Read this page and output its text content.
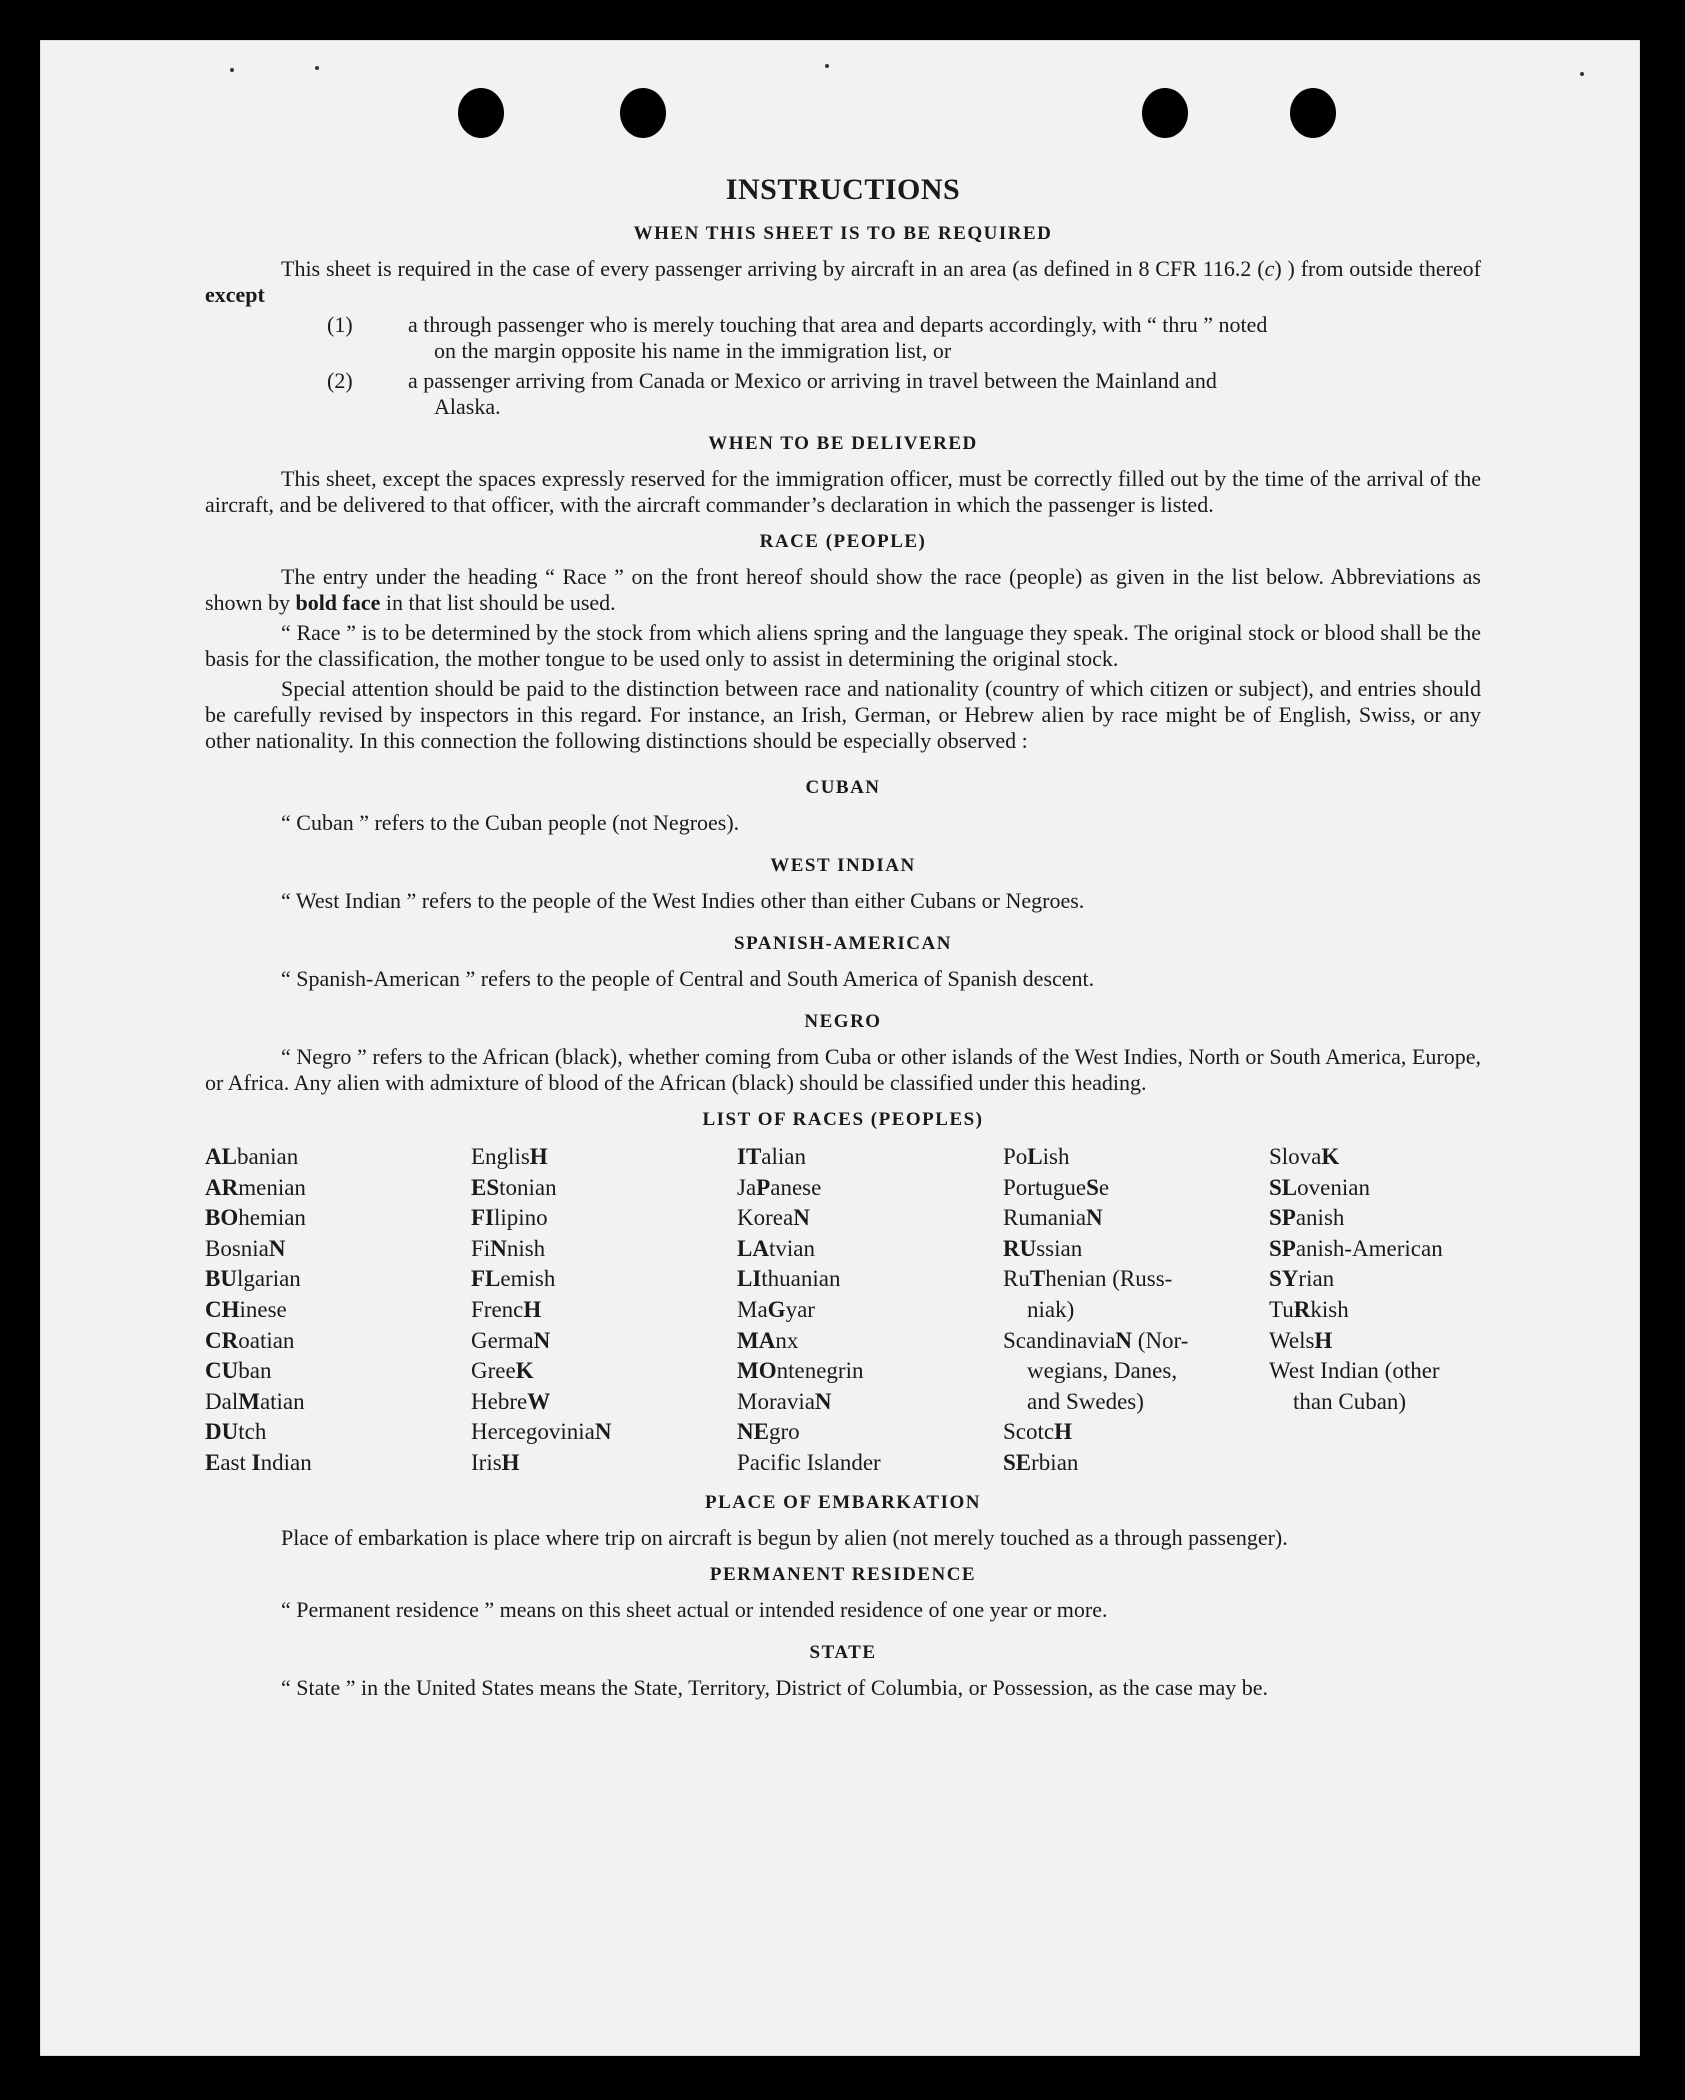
INSTRUCTIONS
WHEN THIS SHEET IS TO BE REQUIRED
This sheet is required in the case of every passenger arriving by aircraft in an area (as defined in 8 CFR 116.2 (c) ) from outside thereof except
(1)	a through passenger who is merely touching that area and departs accordingly, with “ thru ” noted
on the margin opposite his name in the immigration list, or
(2)	a passenger arriving from Canada or Mexico or arriving in travel between the Mainland and
Alaska.
WHEN TO BE DELIVERED
This sheet, except the spaces expressly reserved for the immigration officer, must be correctly filled out by the time of the arrival of the aircraft, and be delivered to that officer, with the aircraft commander’s declaration in which the passenger is listed.
RACE (PEOPLE)
The entry under the heading “ Race ” on the front hereof should show the race (people) as given in the list below. Abbreviations as shown by bold face in that list should be used.
“ Race ” is to be determined by the stock from which aliens spring and the language they speak. The original stock or blood shall be the basis for the classification, the mother tongue to be used only to assist in determining the original stock.
Special attention should be paid to the distinction between race and nationality (country of which citizen or subject), and entries should be carefully revised by inspectors in this regard. For instance, an Irish, German, or Hebrew alien by race might be of English, Swiss, or any other nationality. In this connection the following distinctions should be especially observed :
CUBAN
“ Cuban ” refers to the Cuban people (not Negroes).
WEST INDIAN
“ West Indian ” refers to the people of the West Indies other than either Cubans or Negroes.
SPANISH-AMERICAN
“ Spanish-American ” refers to the people of Central and South America of Spanish descent.
NEGRO
“ Negro ” refers to the African (black), whether coming from Cuba or other islands of the West Indies, North or South America, Europe, or Africa. Any alien with admixture of blood of the African (black) should be classified under this heading.
LIST OF RACES (PEOPLES)
ALbanian
ARmenian
BOhemian
BosniaN
BUlgarian
CHinese
CRoatian
CUban
DalMatian
DUtch
East Indian
EnglisH
EStonian
FIlipino
FiNnish
FLemish
FrencH
GermaN
GreeK
HebreW
HercegoviniaN
IrisH
ITalian
JaPanese
KoreaN
LAtvian
LIthuanian
MaGyar
MAnx
MOntenegrin
MoraviaN
NEgro
Pacific Islander
PoLish
PortugueSe
RumaniaN
RUssian
RuThenian (Russ-
niak)
ScandinaviaN (Nor-
wegians, Danes,
and Swedes)
ScotcH
SErbian
SlovaK
SLovenian
SPanish
SPanish-American
SYrian
TuRkish
WelsH
West Indian (other
than Cuban)
PLACE OF EMBARKATION
Place of embarkation is place where trip on aircraft is begun by alien (not merely touched as a through passenger).
PERMANENT RESIDENCE
“ Permanent residence ” means on this sheet actual or intended residence of one year or more.
STATE
“ State ” in the United States means the State, Territory, District of Columbia, or Possession, as the case may be.
